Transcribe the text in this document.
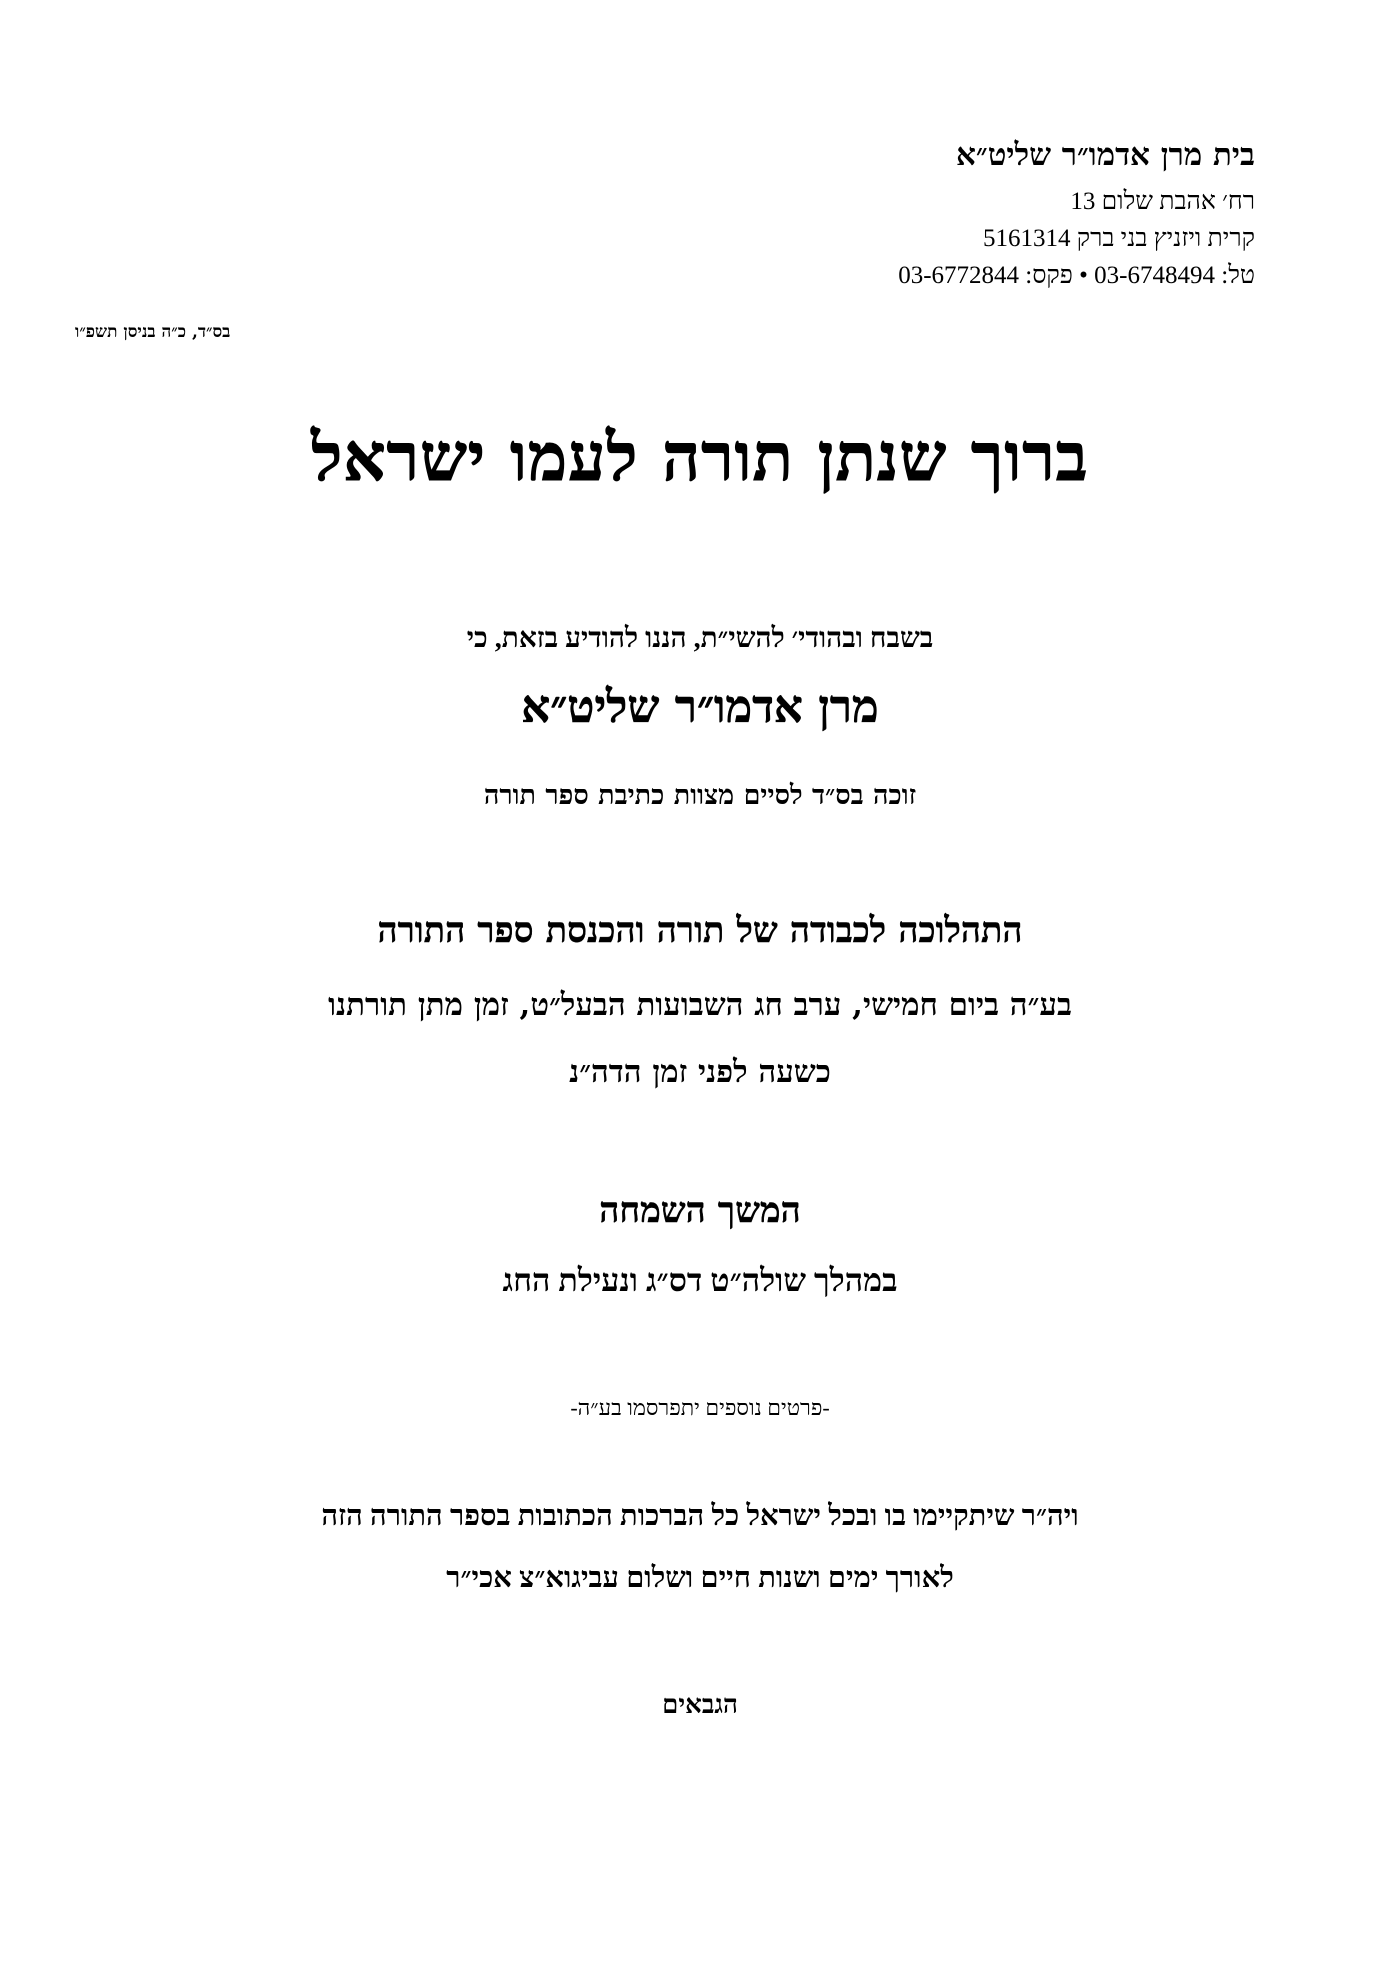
בית מרן אדמו״ר שליט״א
רח׳ אהבת שלום 13
קרית ויזניץ בני ברק 5161314
טל: 03-6748494 • פקס: 03-6772844
בס״ד, כ״ה בניסן תשפ״ו
ברוך שנתן תורה לעמו ישראל
בשבח ובהודי׳ להשי״ת, הננו להודיע בזאת, כי
מרן אדמו״ר שליט״א
זוכה בס״ד לסיים מצוות כתיבת ספר תורה
התהלוכה לכבודה של תורה והכנסת ספר התורה
בע״ה ביום חמישי, ערב חג השבועות הבעל״ט, זמן מתן תורתנו
כשעה לפני זמן הדה״נ
המשך השמחה
במהלך שולה״ט דס״ג ונעילת החג
-פרטים נוספים יתפרסמו בע״ה-
ויה״ר שיתקיימו בו ובכל ישראל כל הברכות הכתובות בספר התורה הזה
לאורך ימים ושנות חיים ושלום עביגוא״צ אכי״ר
הגבאים
